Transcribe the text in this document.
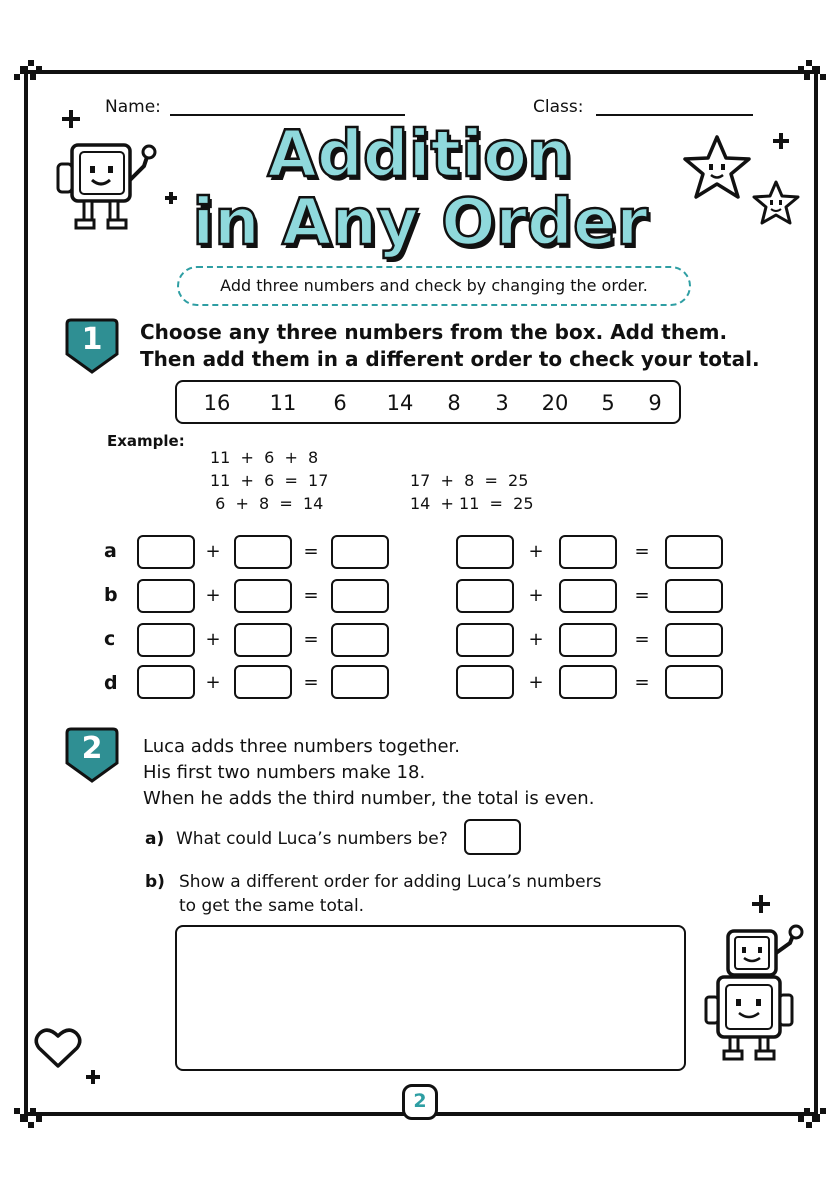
Name:	Class:
Addition
in Any Order
Add three numbers and check by changing the order.
1	Choose any three numbers from the box. Add them.
Then add them in a different order to check your total.
16 11 6 14 8 3 20 5 9
Example:
11  +  6  +  8
11  +  6  =  17
6  +  8  =  14
17  +  8  =  25
14  + 11  =  25
a	+	=	+	=
b	+	=	+	=
c	+	=	+	=
d	+	=	+	=
2	Luca adds three numbers together.
His first two numbers make 18.
When he adds the third number, the total is even.
a) What could Luca’s numbers be?
b) Show a different order for adding Luca’s numbers
to get the same total.
2
